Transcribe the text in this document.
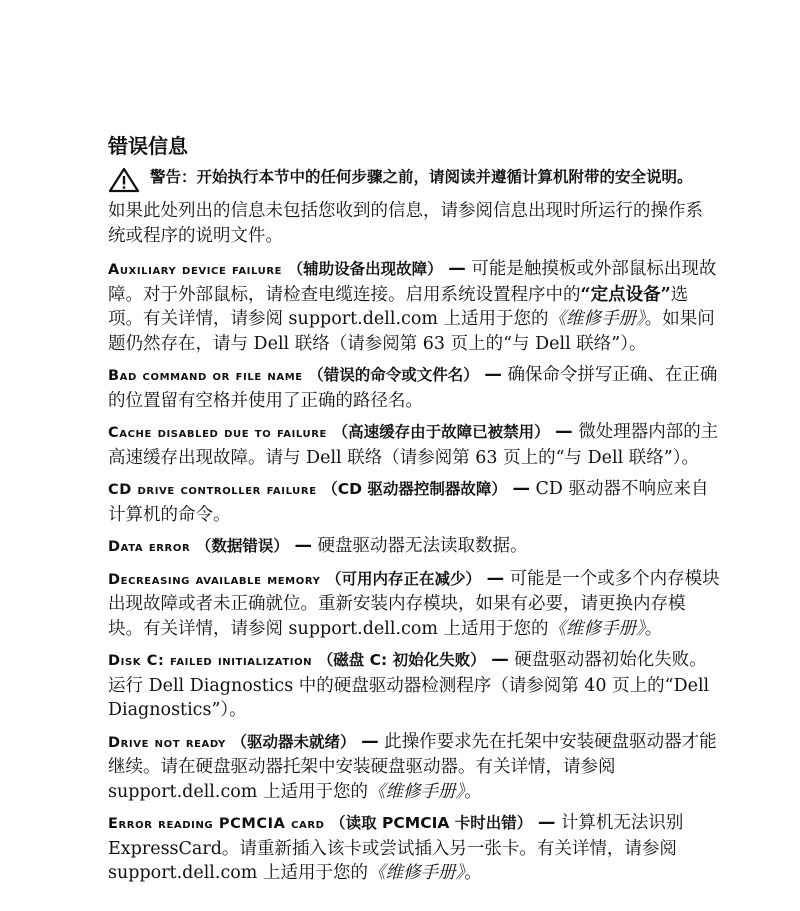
错误信息
警告：开始执行本节中的任何步骤之前，请阅读并遵循计算机附带的安全说明。
如果此处列出的信息未包括您收到的信息，请参阅信息出现时所运行的操作系统或程序的说明文件。
Auxiliary device failure （辅助设备出现故障） — 可能是触摸板或外部鼠标出现故障。对于外部鼠标，请检查电缆连接。启用系统设置程序中的“定点设备”选项。有关详情，请参阅 support.dell.com 上适用于您的《维修手册》。如果问题仍然存在，请与 Dell 联络（请参阅第 63 页上的“与 Dell 联络”）。
Bad command or file name （错误的命令或文件名） — 确保命令拼写正确、在正确的位置留有空格并使用了正确的路径名。
Cache disabled due to failure （高速缓存由于故障已被禁用） — 微处理器内部的主高速缓存出现故障。请与 Dell 联络（请参阅第 63 页上的“与 Dell 联络”）。
CD drive controller failure （CD 驱动器控制器故障） — CD 驱动器不响应来自计算机的命令。
Data error （数据错误） — 硬盘驱动器无法读取数据。
Decreasing available memory （可用内存正在减少） — 可能是一个或多个内存模块出现故障或者未正确就位。重新安装内存模块，如果有必要，请更换内存模块。有关详情，请参阅 support.dell.com 上适用于您的《维修手册》。
Disk C: failed initialization （磁盘 C: 初始化失败） — 硬盘驱动器初始化失败。运行 Dell Diagnostics 中的硬盘驱动器检测程序（请参阅第 40 页上的“Dell Diagnostics”）。
Drive not ready （驱动器未就绪） — 此操作要求先在托架中安装硬盘驱动器才能继续。请在硬盘驱动器托架中安装硬盘驱动器。有关详情，请参阅 support.dell.com 上适用于您的《维修手册》。
Error reading PCMCIA card （读取 PCMCIA 卡时出错） — 计算机无法识别 ExpressCard。请重新插入该卡或尝试插入另一张卡。有关详情，请参阅 support.dell.com 上适用于您的《维修手册》。
